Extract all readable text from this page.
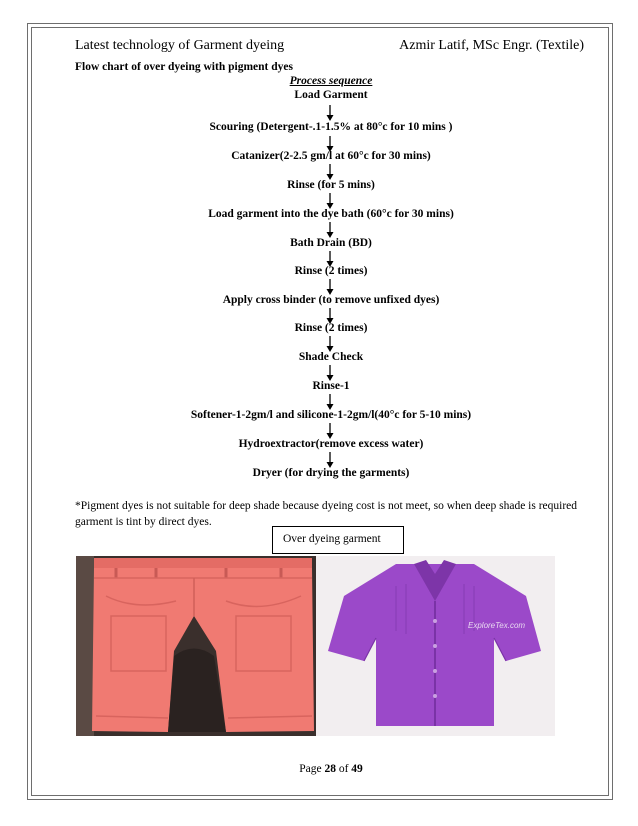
Latest technology of Garment dyeing	Azmir Latif, MSc Engr. (Textile)
Flow chart of over dyeing with pigment dyes
Process sequence
Load Garment
Scouring (Detergent-.1-1.5% at 80°c for 10 mins )
Catanizer(2-2.5 gm/l at 60°c for 30 mins)
Rinse (for 5 mins)
Load garment into the dye bath (60°c for 30 mins)
Bath Drain (BD)
Rinse (2 times)
Apply cross binder (to remove unfixed dyes)
Rinse (2 times)
Shade Check
Rinse-1
Softener-1-2gm/l and silicone-1-2gm/l(40°c for 5-10 mins)
Hydroextractor(remove excess water)
Dryer (for drying the garments)
*Pigment dyes is not suitable for deep shade because dyeing cost is not meet, so when deep shade is required garment is tint by direct dyes.
ExploreTex.com
Over dyeing garment
Page 28 of 49
